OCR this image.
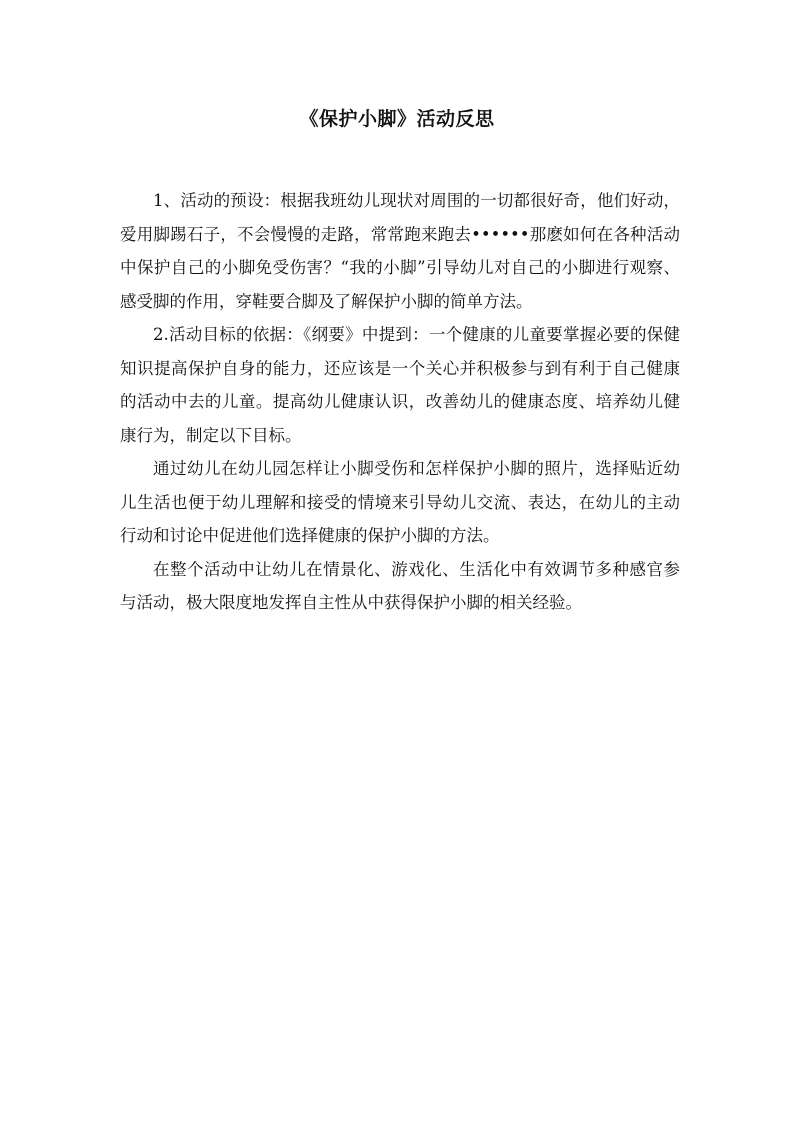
《保护小脚》活动反思

1、活动的预设：根据我班幼儿现状对周围的一切都很好奇，他们好动，爱用脚踢石子，不会慢慢的走路，常常跑来跑去••••••那麽如何在各种活动中保护自己的小脚免受伤害？“我的小脚”引导幼儿对自己的小脚进行观察、感受脚的作用，穿鞋要合脚及了解保护小脚的简单方法。

2.活动目标的依据：《纲要》中提到：一个健康的儿童要掌握必要的保健知识提高保护自身的能力，还应该是一个关心并积极参与到有利于自己健康的活动中去的儿童。提高幼儿健康认识，改善幼儿的健康态度、培养幼儿健康行为，制定以下目标。

通过幼儿在幼儿园怎样让小脚受伤和怎样保护小脚的照片，选择贴近幼儿生活也便于幼儿理解和接受的情境来引导幼儿交流、表达，在幼儿的主动行动和讨论中促进他们选择健康的保护小脚的方法。

在整个活动中让幼儿在情景化、游戏化、生活化中有效调节多种感官参与活动，极大限度地发挥自主性从中获得保护小脚的相关经验。
